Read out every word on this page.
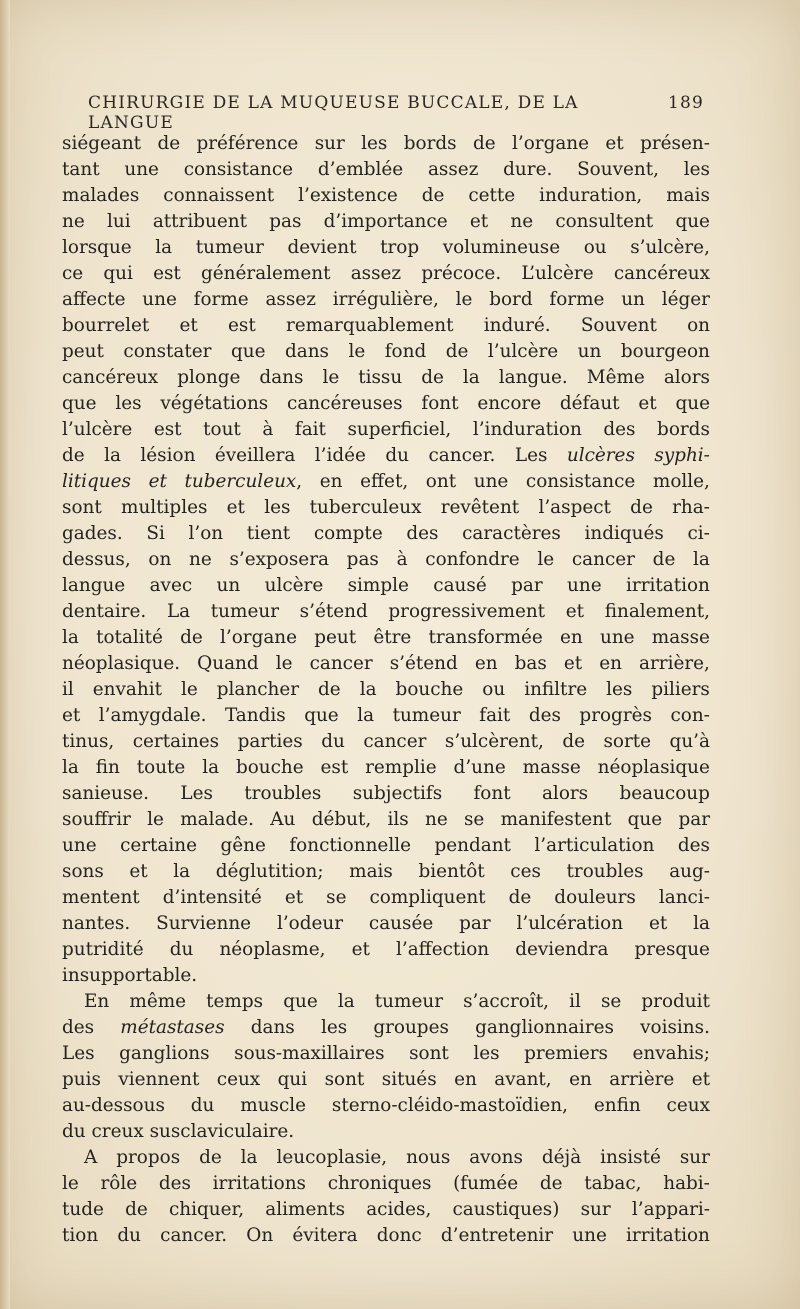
CHIRURGIE DE LA MUQUEUSE BUCCALE, DE LA LANGUE
189
siégeant de préférence sur les bords de l’organe et présen-
tant une consistance d’emblée assez dure. Souvent, les
malades connaissent l’existence de cette induration, mais
ne lui attribuent pas d’importance et ne consultent que
lorsque la tumeur devient trop volumineuse ou s’ulcère,
ce qui est généralement assez précoce. L’ulcère cancéreux
affecte une forme assez irrégulière, le bord forme un léger
bourrelet et est remarquablement induré. Souvent on
peut constater que dans le fond de l’ulcère un bourgeon
cancéreux plonge dans le tissu de la langue. Même alors
que les végétations cancéreuses font encore défaut et que
l’ulcère est tout à fait superficiel, l’induration des bords
de la lésion éveillera l’idée du cancer. Les ulcères syphi-
litiques et tuberculeux, en effet, ont une consistance molle,
sont multiples et les tuberculeux revêtent l’aspect de rha-
gades. Si l’on tient compte des caractères indiqués ci-
dessus, on ne s’exposera pas à confondre le cancer de la
langue avec un ulcère simple causé par une irritation
dentaire. La tumeur s’étend progressivement et finalement,
la totalité de l’organe peut être transformée en une masse
néoplasique. Quand le cancer s’étend en bas et en arrière,
il envahit le plancher de la bouche ou infiltre les piliers
et l’amygdale. Tandis que la tumeur fait des progrès con-
tinus, certaines parties du cancer s’ulcèrent, de sorte qu’à
la fin toute la bouche est remplie d’une masse néoplasique
sanieuse. Les troubles subjectifs font alors beaucoup
souffrir le malade. Au début, ils ne se manifestent que par
une certaine gêne fonctionnelle pendant l’articulation des
sons et la déglutition; mais bientôt ces troubles aug-
mentent d’intensité et se compliquent de douleurs lanci-
nantes. Survienne l’odeur causée par l’ulcération et la
putridité du néoplasme, et l’affection deviendra presque
insupportable.
En même temps que la tumeur s’accroît, il se produit
des métastases dans les groupes ganglionnaires voisins.
Les ganglions sous-maxillaires sont les premiers envahis;
puis viennent ceux qui sont situés en avant, en arrière et
au-dessous du muscle sterno-cléido-mastoïdien, enfin ceux
du creux susclaviculaire.
A propos de la leucoplasie, nous avons déjà insisté sur
le rôle des irritations chroniques (fumée de tabac, habi-
tude de chiquer, aliments acides, caustiques) sur l’appari-
tion du cancer. On évitera donc d’entretenir une irritation
